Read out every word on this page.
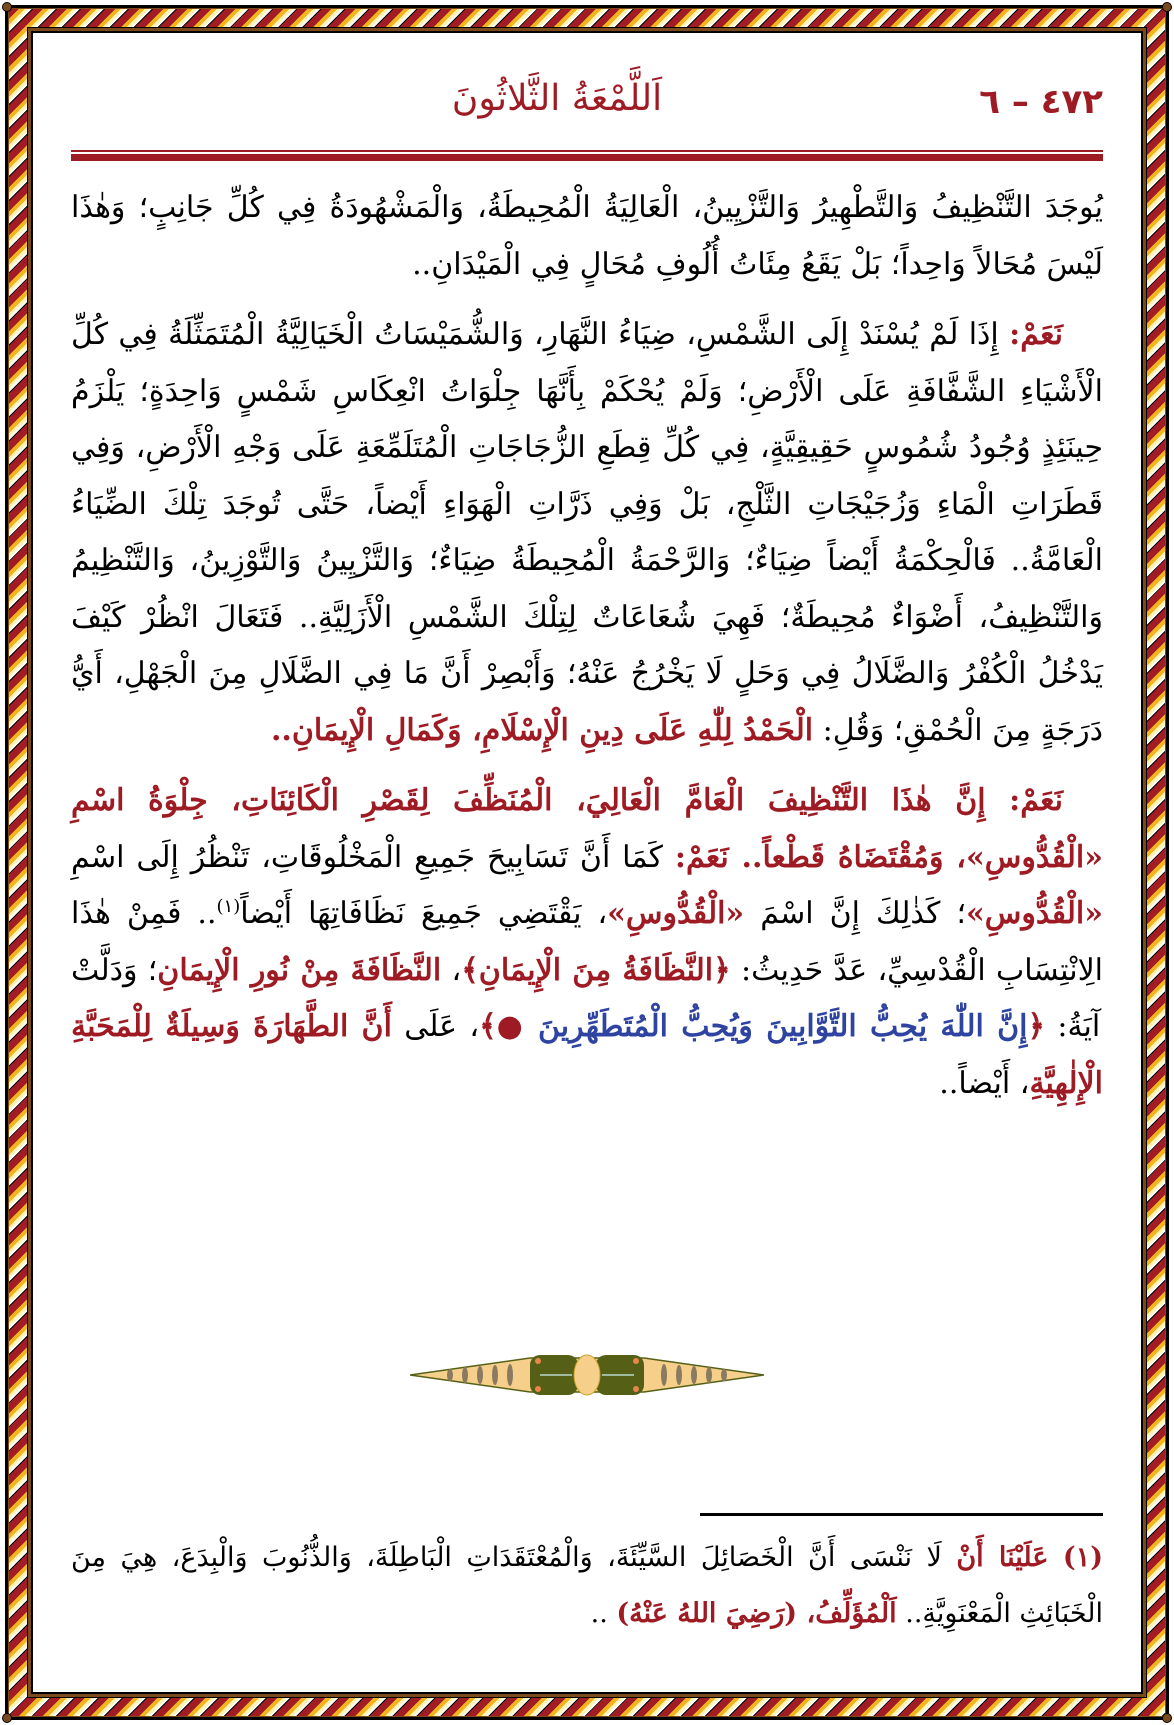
٤٧٢ – ٦
اَللَّمْعَةُ الثَّلاثُونَ

يُوجَدَ التَّنْظِيفُ وَالتَّطْهِيرُ وَالتَّزْيِينُ، الْعَالِيَةُ الْمُحِيطَةُ، وَالْمَشْهُودَةُ فِي كُلِّ جَانِبٍ؛ وَهٰذَا لَيْسَ مُحَالاً وَاحِداً؛ بَلْ يَقَعُ مِئَاتُ أُلُوفِ مُحَالٍ فِي الْمَيْدَانِ..

نَعَمْ: إِذَا لَمْ يُسْنَدْ إِلَى الشَّمْسِ، ضِيَاءُ النَّهَارِ، وَالشُّمَيْسَاتُ الْخَيَالِيَّةُ الْمُتَمَثِّلَةُ فِي كُلِّ الْأَشْيَاءِ الشَّفَّافَةِ عَلَى الْأَرْضِ؛ وَلَمْ يُحْكَمْ بِأَنَّهَا جِلْوَاتُ انْعِكَاسِ شَمْسٍ وَاحِدَةٍ؛ يَلْزَمُ حِينَئِذٍ وُجُودُ شُمُوسٍ حَقِيقِيَّةٍ، فِي كُلِّ قِطَعِ الزُّجَاجَاتِ الْمُتَلَمِّعَةِ عَلَى وَجْهِ الْأَرْضِ، وَفِي قَطَرَاتِ الْمَاءِ وَزُجَيْجَاتِ الثَّلْجِ، بَلْ وَفِي ذَرَّاتِ الْهَوَاءِ أَيْضاً، حَتَّى تُوجَدَ تِلْكَ الضِّيَاءُ الْعَامَّةُ.. فَالْحِكْمَةُ أَيْضاً ضِيَاءٌ؛ وَالرَّحْمَةُ الْمُحِيطَةُ ضِيَاءٌ؛ وَالتَّزْيِينُ وَالتَّوْزِينُ، وَالتَّنْظِيمُ وَالتَّنْظِيفُ، أَضْوَاءٌ مُحِيطَةٌ؛ فَهِيَ شُعَاعَاتٌ لِتِلْكَ الشَّمْسِ الْأَزَلِيَّةِ.. فَتَعَالَ انْظُرْ كَيْفَ يَدْخُلُ الْكُفْرُ وَالضَّلَالُ فِي وَحَلٍ لَا يَخْرُجُ عَنْهُ؛ وَأَبْصِرْ أَنَّ مَا فِي الضَّلَالِ مِنَ الْجَهْلِ، أَيُّ دَرَجَةٍ مِنَ الْحُمْقِ؛ وَقُلِ: الْحَمْدُ لِلّٰهِ عَلَى دِينِ الْإِسْلَامِ، وَكَمَالِ الْإِيمَانِ..

نَعَمْ: إِنَّ هٰذَا التَّنْظِيفَ الْعَامَّ الْعَالِيَ، الْمُنَظِّفَ لِقَصْرِ الْكَائِنَاتِ، جِلْوَةُ اسْمِ «الْقُدُّوسِ»، وَمُقْتَضَاهُ قَطْعاً.. نَعَمْ: كَمَا أَنَّ تَسَابِيحَ جَمِيعِ الْمَخْلُوقَاتِ، تَنْظُرُ إِلَى اسْمِ «الْقُدُّوسِ»؛ كَذٰلِكَ إِنَّ اسْمَ «الْقُدُّوسِ»، يَقْتَضِي جَمِيعَ نَظَافَاتِهَا أَيْضاً$^{(١)}$.. فَمِنْ هٰذَا الِانْتِسَابِ الْقُدْسِيِّ، عَدَّ حَدِيثُ: ﴿النَّظَافَةُ مِنَ الْإِيمَانِ﴾، النَّظَافَةَ مِنْ نُورِ الْإِيمَانِ؛ وَدَلَّتْ آيَةُ: ﴿إِنَّ اللّٰهَ يُحِبُّ التَّوَّابِينَ وَيُحِبُّ الْمُتَطَهِّرِينَ ●﴾، عَلَى أَنَّ الطَّهَارَةَ وَسِيلَةٌ لِلْمَحَبَّةِ الْإِلٰهِيَّةِ، أَيْضاً..

(١) عَلَيْنَا أَنْ لَا نَنْسَى أَنَّ الْخَصَائِلَ السَّيِّئَةَ، وَالْمُعْتَقَدَاتِ الْبَاطِلَةَ، وَالذُّنُوبَ وَالْبِدَعَ، هِيَ مِنَ الْخَبَائِثِ الْمَعْنَوِيَّةِ.. اَلْمُؤَلِّفُ، (رَضِيَ اللهُ عَنْهُ) ..
